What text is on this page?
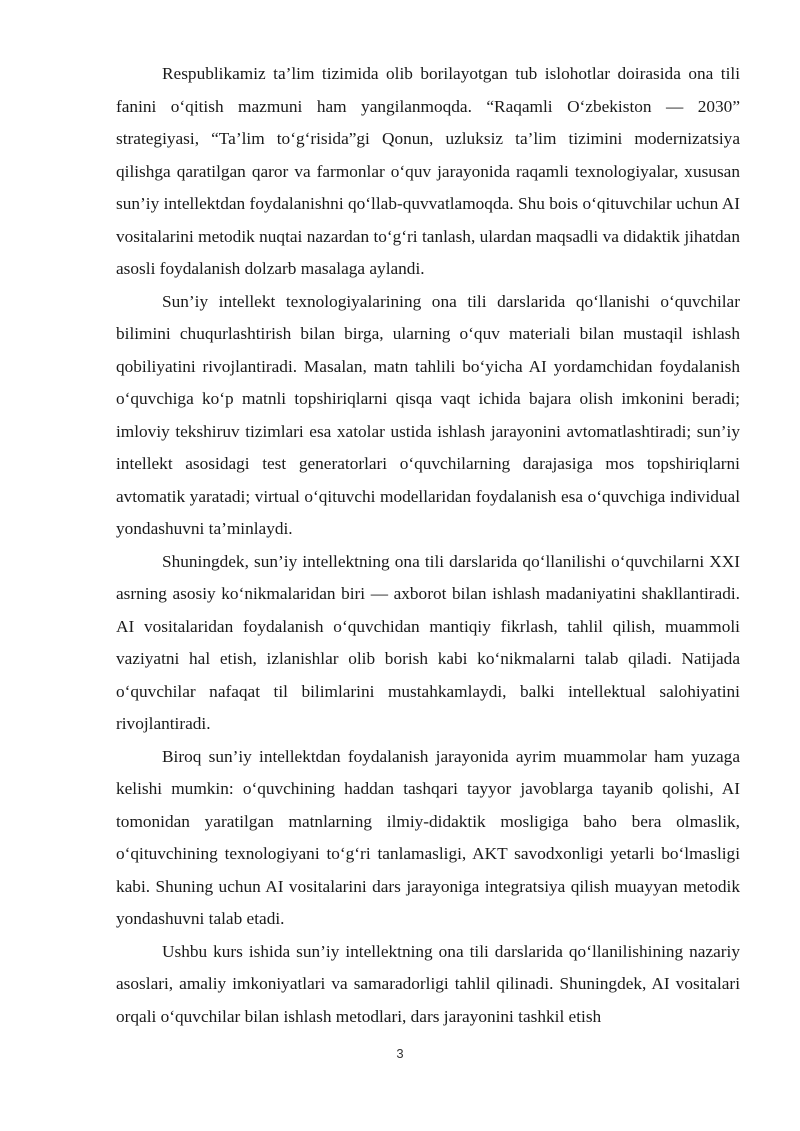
Respublikamiz ta’lim tizimida olib borilayotgan tub islohotlar doirasida ona tili fanini o‘qitish mazmuni ham yangilanmoqda. “Raqamli O‘zbekiston — 2030” strategiyasi, “Ta’lim to‘g‘risida”gi Qonun, uzluksiz ta’lim tizimini modernizatsiya qilishga qaratilgan qaror va farmonlar o‘quv jarayonida raqamli texnologiyalar, xususan sun’iy intellektdan foydalanishni qo‘llab-quvvatlamoqda. Shu bois o‘qituvchilar uchun AI vositalarini metodik nuqtai nazardan to‘g‘ri tanlash, ulardan maqsadli va didaktik jihatdan asosli foydalanish dolzarb masalaga aylandi.

Sun’iy intellekt texnologiyalarining ona tili darslarida qo‘llanishi o‘quvchilar bilimini chuqurlashtirish bilan birga, ularning o‘quv materiali bilan mustaqil ishlash qobiliyatini rivojlantiradi. Masalan, matn tahlili bo‘yicha AI yordamchidan foydalanish o‘quvchiga ko‘p matnli topshiriqlarni qisqa vaqt ichida bajara olish imkonini beradi; imloviy tekshiruv tizimlari esa xatolar ustida ishlash jarayonini avtomatlashtiradi; sun’iy intellekt asosidagi test generatorlari o‘quvchilarning darajasiga mos topshiriqlarni avtomatik yaratadi; virtual o‘qituvchi modellaridan foydalanish esa o‘quvchiga individual yondashuvni ta’minlaydi.

Shuningdek, sun’iy intellektning ona tili darslarida qo‘llanilishi o‘quvchilarni XXI asrning asosiy ko‘nikmalaridan biri — axborot bilan ishlash madaniyatini shakllantiradi. AI vositalaridan foydalanish o‘quvchidan mantiqiy fikrlash, tahlil qilish, muammoli vaziyatni hal etish, izlanishlar olib borish kabi ko‘nikmalarni talab qiladi. Natijada o‘quvchilar nafaqat til bilimlarini mustahkamlaydi, balki intellektual salohiyatini rivojlantiradi.

Biroq sun’iy intellektdan foydalanish jarayonida ayrim muammolar ham yuzaga kelishi mumkin: o‘quvchining haddan tashqari tayyor javoblarga tayanib qolishi, AI tomonidan yaratilgan matnlarning ilmiy-didaktik mosligiga baho bera olmaslik, o‘qituvchining texnologiyani to‘g‘ri tanlamasligi, AKT savodxonligi yetarli bo‘lmasligi kabi. Shuning uchun AI vositalarini dars jarayoniga integratsiya qilish muayyan metodik yondashuvni talab etadi.

Ushbu kurs ishida sun’iy intellektning ona tili darslarida qo‘llanilishining nazariy asoslari, amaliy imkoniyatlari va samaradorligi tahlil qilinadi. Shuningdek, AI vositalari orqali o‘quvchilar bilan ishlash metodlari, dars jarayonini tashkil etish

3
